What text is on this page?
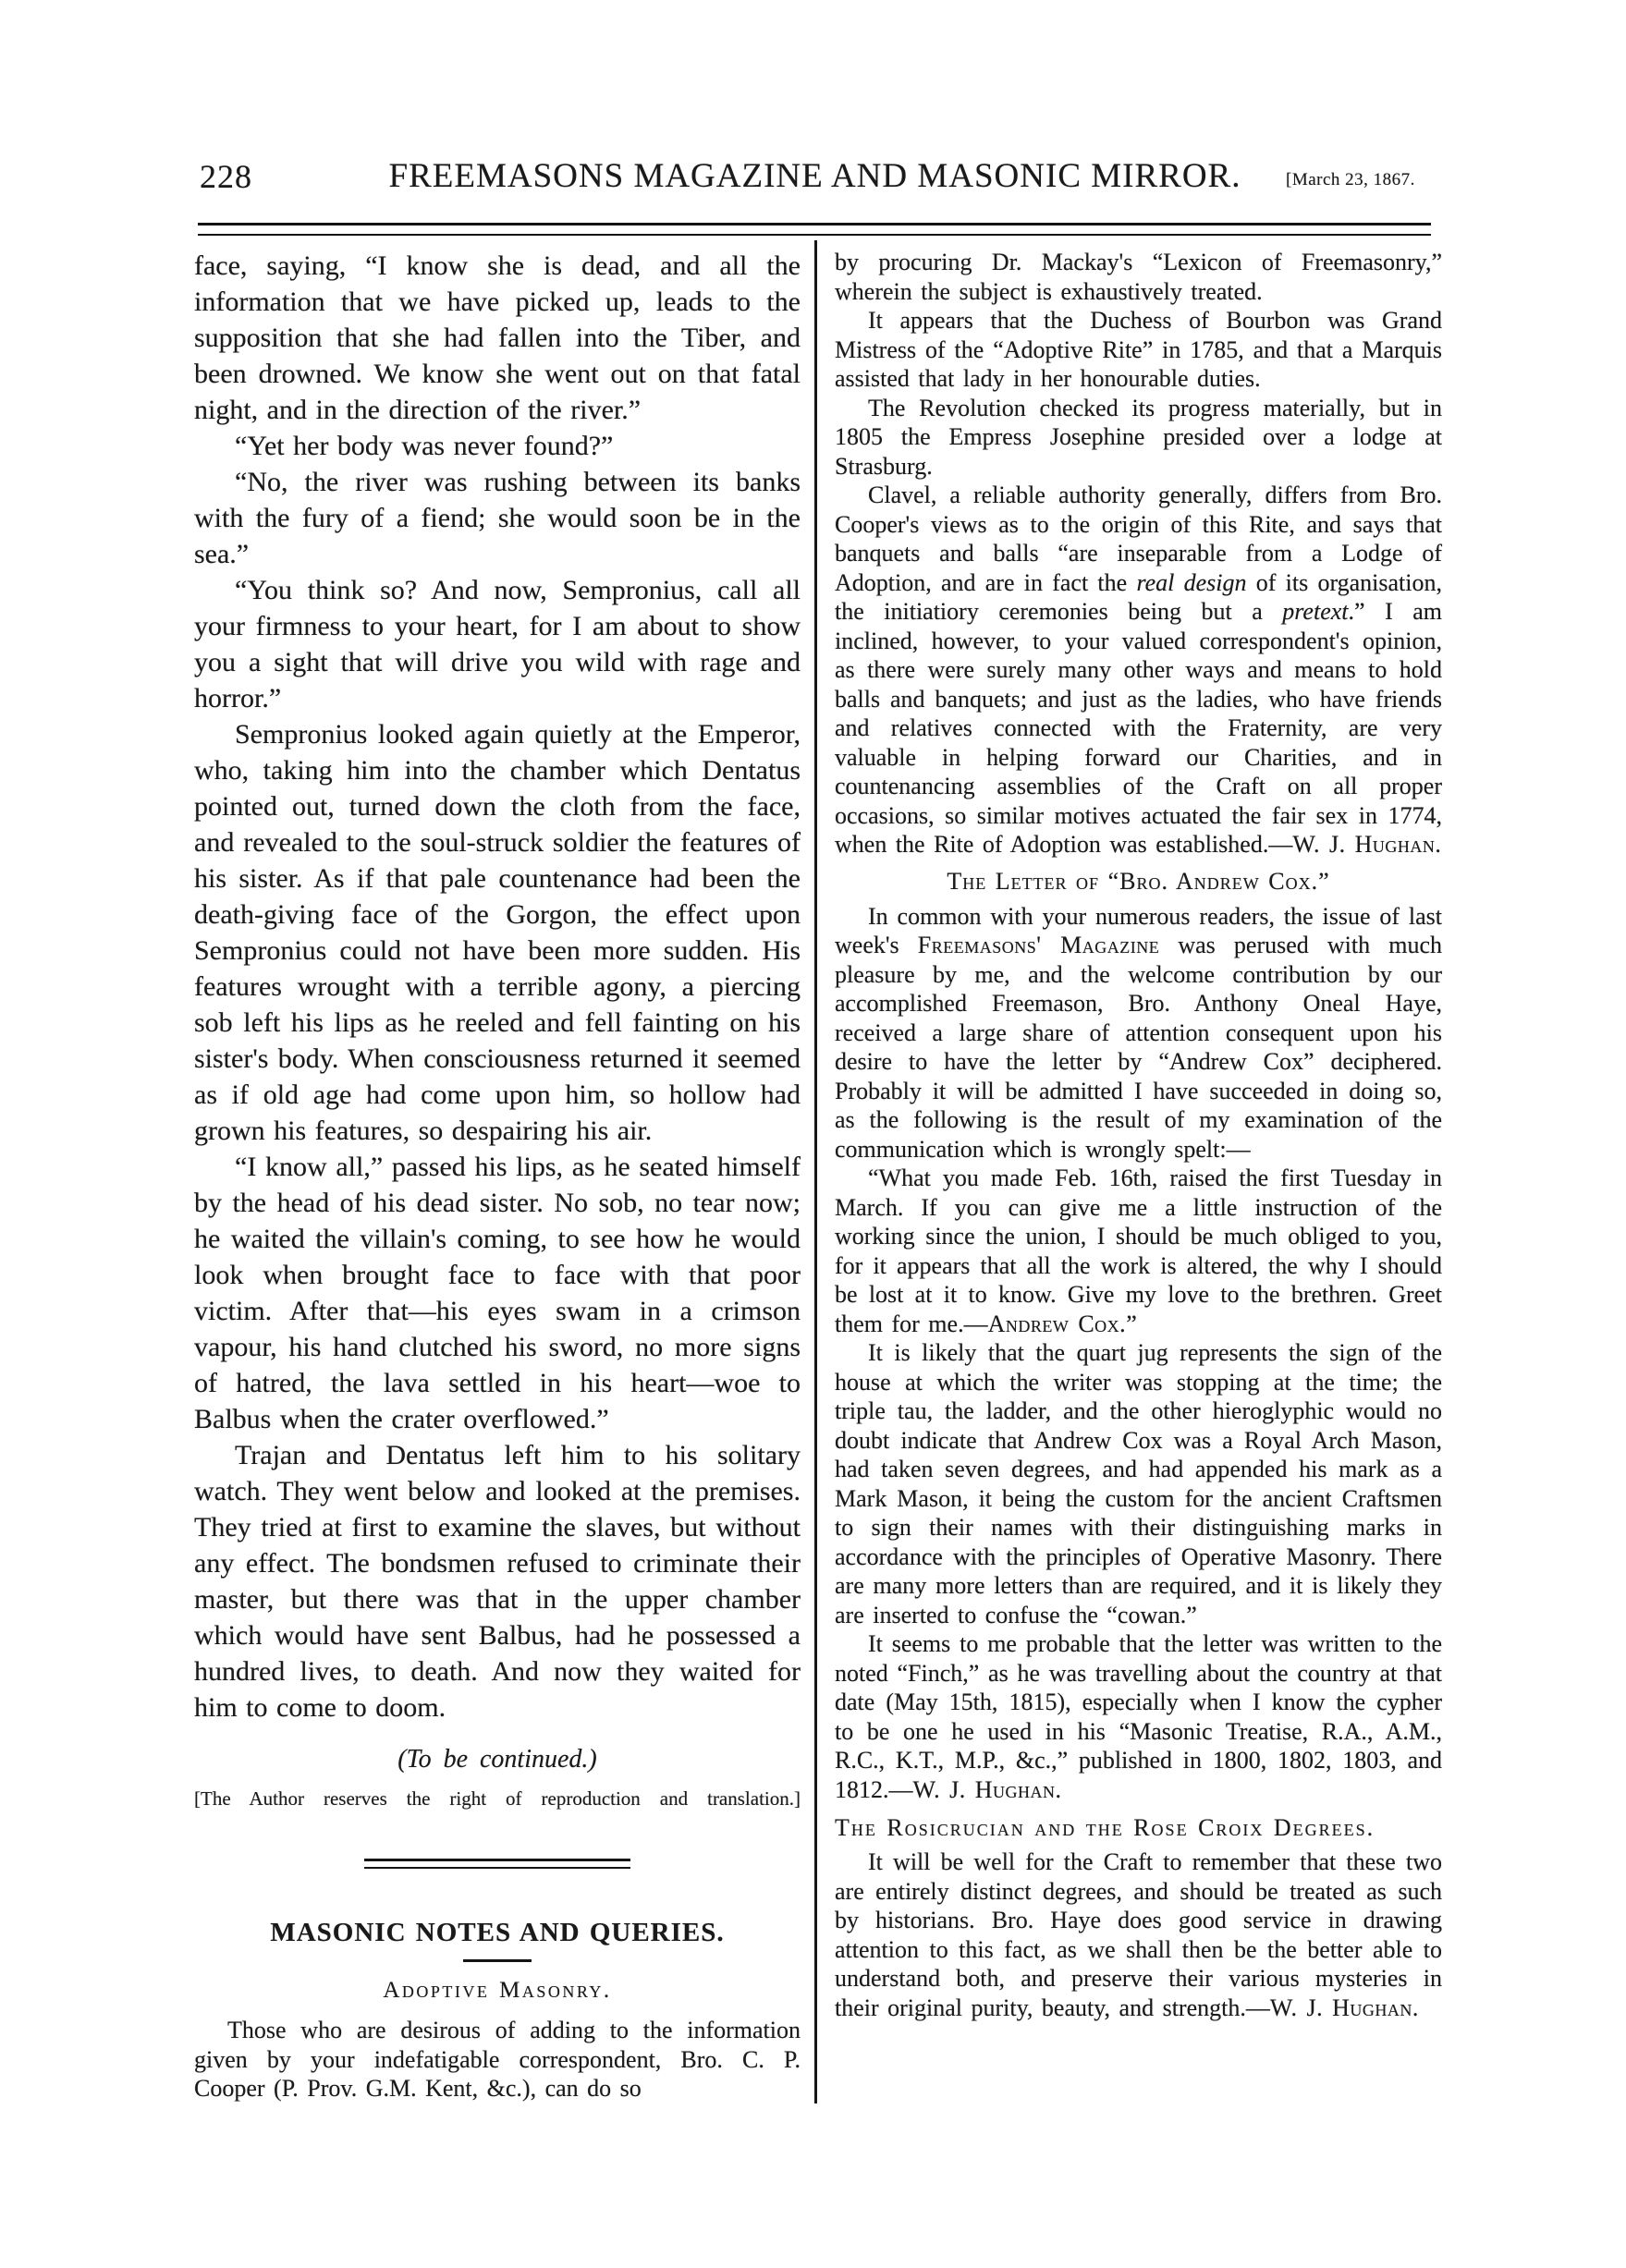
228	FREEMASONS MAGAZINE AND MASONIC MIRROR.	[March 23, 1867.

face, saying, “I know she is dead, and all the information that we have picked up, leads to the supposition that she had fallen into the Tiber, and been drowned. We know she went out on that fatal night, and in the direction of the river.”

“Yet her body was never found?”

“No, the river was rushing between its banks with the fury of a fiend; she would soon be in the sea.”

“You think so? And now, Sempronius, call all your firmness to your heart, for I am about to show you a sight that will drive you wild with rage and horror.”

Sempronius looked again quietly at the Emperor, who, taking him into the chamber which Dentatus pointed out, turned down the cloth from the face, and revealed to the soul-struck soldier the features of his sister. As if that pale countenance had been the death-giving face of the Gorgon, the effect upon Sempronius could not have been more sudden. His features wrought with a terrible agony, a piercing sob left his lips as he reeled and fell fainting on his sister's body. When consciousness returned it seemed as if old age had come upon him, so hollow had grown his features, so despairing his air.

“I know all,” passed his lips, as he seated himself by the head of his dead sister. No sob, no tear now; he waited the villain's coming, to see how he would look when brought face to face with that poor victim. After that—his eyes swam in a crimson vapour, his hand clutched his sword, no more signs of hatred, the lava settled in his heart—woe to Balbus when the crater overflowed.”

Trajan and Dentatus left him to his solitary watch. They went below and looked at the premises. They tried at first to examine the slaves, but without any effect. The bondsmen refused to criminate their master, but there was that in the upper chamber which would have sent Balbus, had he possessed a hundred lives, to death. And now they waited for him to come to doom.

(To be continued.)

[The Author reserves the right of reproduction and translation.]

MASONIC NOTES AND QUERIES.
Adoptive Masonry.

Those who are desirous of adding to the information given by your indefatigable correspondent, Bro. C. P. Cooper (P. Prov. G.M. Kent, &c.), can do so

by procuring Dr. Mackay's “Lexicon of Freemasonry,” wherein the subject is exhaustively treated.

It appears that the Duchess of Bourbon was Grand Mistress of the “Adoptive Rite” in 1785, and that a Marquis assisted that lady in her honourable duties.

The Revolution checked its progress materially, but in 1805 the Empress Josephine presided over a lodge at Strasburg.

Clavel, a reliable authority generally, differs from Bro. Cooper's views as to the origin of this Rite, and says that banquets and balls “are inseparable from a Lodge of Adoption, and are in fact the real design of its organisation, the initiatiory ceremonies being but a pretext.” I am inclined, however, to your valued correspondent's opinion, as there were surely many other ways and means to hold balls and banquets; and just as the ladies, who have friends and relatives connected with the Fraternity, are very valuable in helping forward our Charities, and in countenancing assemblies of the Craft on all proper occasions, so similar motives actuated the fair sex in 1774, when the Rite of Adoption was established.—W. J. Hughan.

The Letter of “Bro. Andrew Cox.”

In common with your numerous readers, the issue of last week's Freemasons' Magazine was perused with much pleasure by me, and the welcome contribution by our accomplished Freemason, Bro. Anthony Oneal Haye, received a large share of attention consequent upon his desire to have the letter by “Andrew Cox” deciphered. Probably it will be admitted I have succeeded in doing so, as the following is the result of my examination of the communication which is wrongly spelt:—

“What you made Feb. 16th, raised the first Tuesday in March. If you can give me a little instruction of the working since the union, I should be much obliged to you, for it appears that all the work is altered, the why I should be lost at it to know. Give my love to the brethren. Greet them for me.—Andrew Cox.”

It is likely that the quart jug represents the sign of the house at which the writer was stopping at the time; the triple tau, the ladder, and the other hieroglyphic would no doubt indicate that Andrew Cox was a Royal Arch Mason, had taken seven degrees, and had appended his mark as a Mark Mason, it being the custom for the ancient Craftsmen to sign their names with their distinguishing marks in accordance with the principles of Operative Masonry. There are many more letters than are required, and it is likely they are inserted to confuse the “cowan.”

It seems to me probable that the letter was written to the noted “Finch,” as he was travelling about the country at that date (May 15th, 1815), especially when I know the cypher to be one he used in his “Masonic Treatise, R.A., A.M., R.C., K.T., M.P., &c.,” published in 1800, 1802, 1803, and 1812.—W. J. Hughan.

The Rosicrucian and the Rose Croix Degrees.

It will be well for the Craft to remember that these two are entirely distinct degrees, and should be treated as such by historians. Bro. Haye does good service in drawing attention to this fact, as we shall then be the better able to understand both, and preserve their various mysteries in their original purity, beauty, and strength.—W. J. Hughan.
